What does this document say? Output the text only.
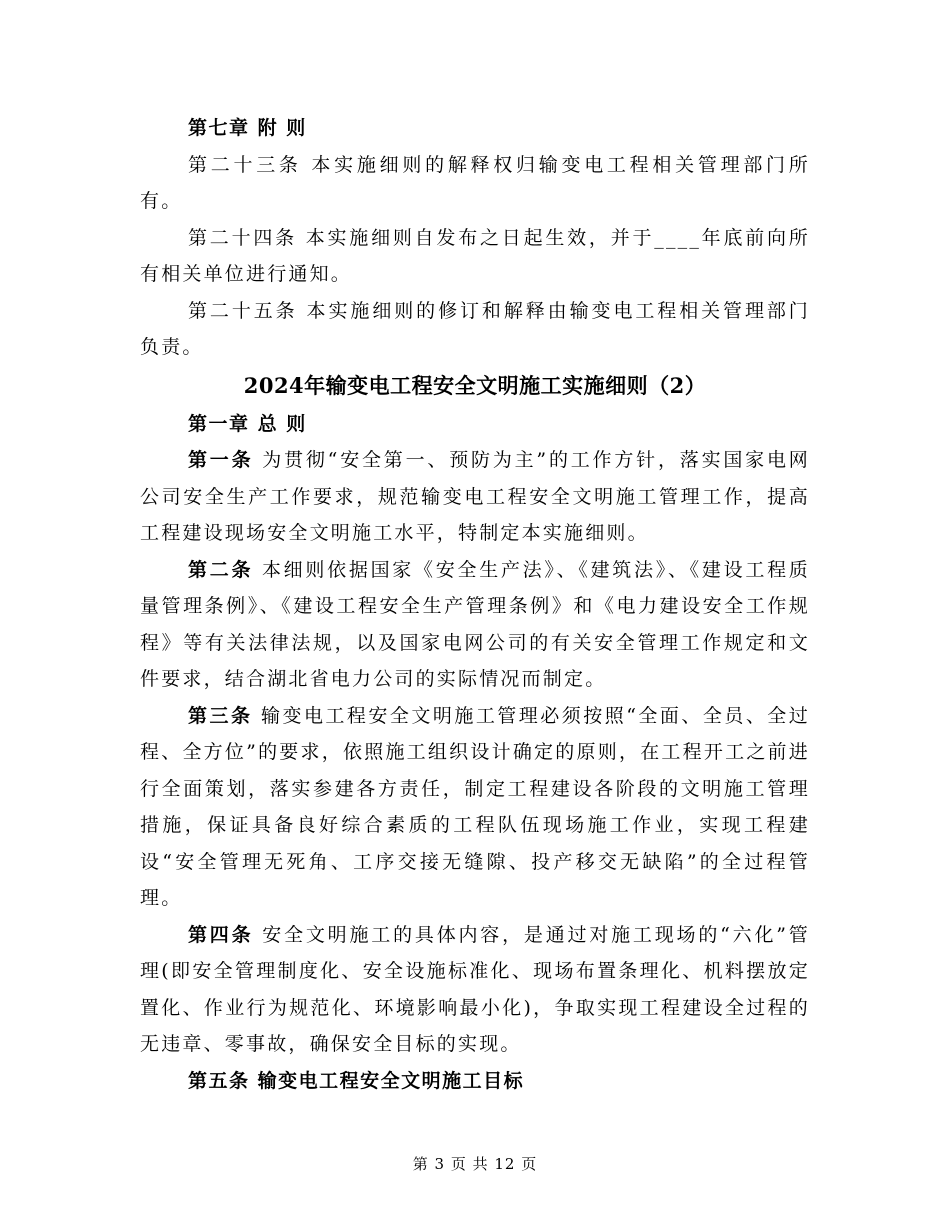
第七章 附 则

第二十三条 本实施细则的解释权归输变电工程相关管理部门所有。

第二十四条 本实施细则自发布之日起生效，并于____年底前向所有相关单位进行通知。

第二十五条 本实施细则的修订和解释由输变电工程相关管理部门负责。

2024年输变电工程安全文明施工实施细则（2）

第一章 总 则

第一条 为贯彻“安全第一、预防为主”的工作方针，落实国家电网公司安全生产工作要求，规范输变电工程安全文明施工管理工作，提高工程建设现场安全文明施工水平，特制定本实施细则。

第二条 本细则依据国家《安全生产法》、《建筑法》、《建设工程质量管理条例》、《建设工程安全生产管理条例》和《电力建设安全工作规程》等有关法律法规，以及国家电网公司的有关安全管理工作规定和文件要求，结合湖北省电力公司的实际情况而制定。

第三条 输变电工程安全文明施工管理必须按照“全面、全员、全过程、全方位”的要求，依照施工组织设计确定的原则，在工程开工之前进行全面策划，落实参建各方责任，制定工程建设各阶段的文明施工管理措施，保证具备良好综合素质的工程队伍现场施工作业，实现工程建设“安全管理无死角、工序交接无缝隙、投产移交无缺陷”的全过程管理。

第四条 安全文明施工的具体内容，是通过对施工现场的“六化”管理(即安全管理制度化、安全设施标准化、现场布置条理化、机料摆放定置化、作业行为规范化、环境影响最小化)，争取实现工程建设全过程的无违章、零事故，确保安全目标的实现。

第五条 输变电工程安全文明施工目标

第 3 页 共 12 页
